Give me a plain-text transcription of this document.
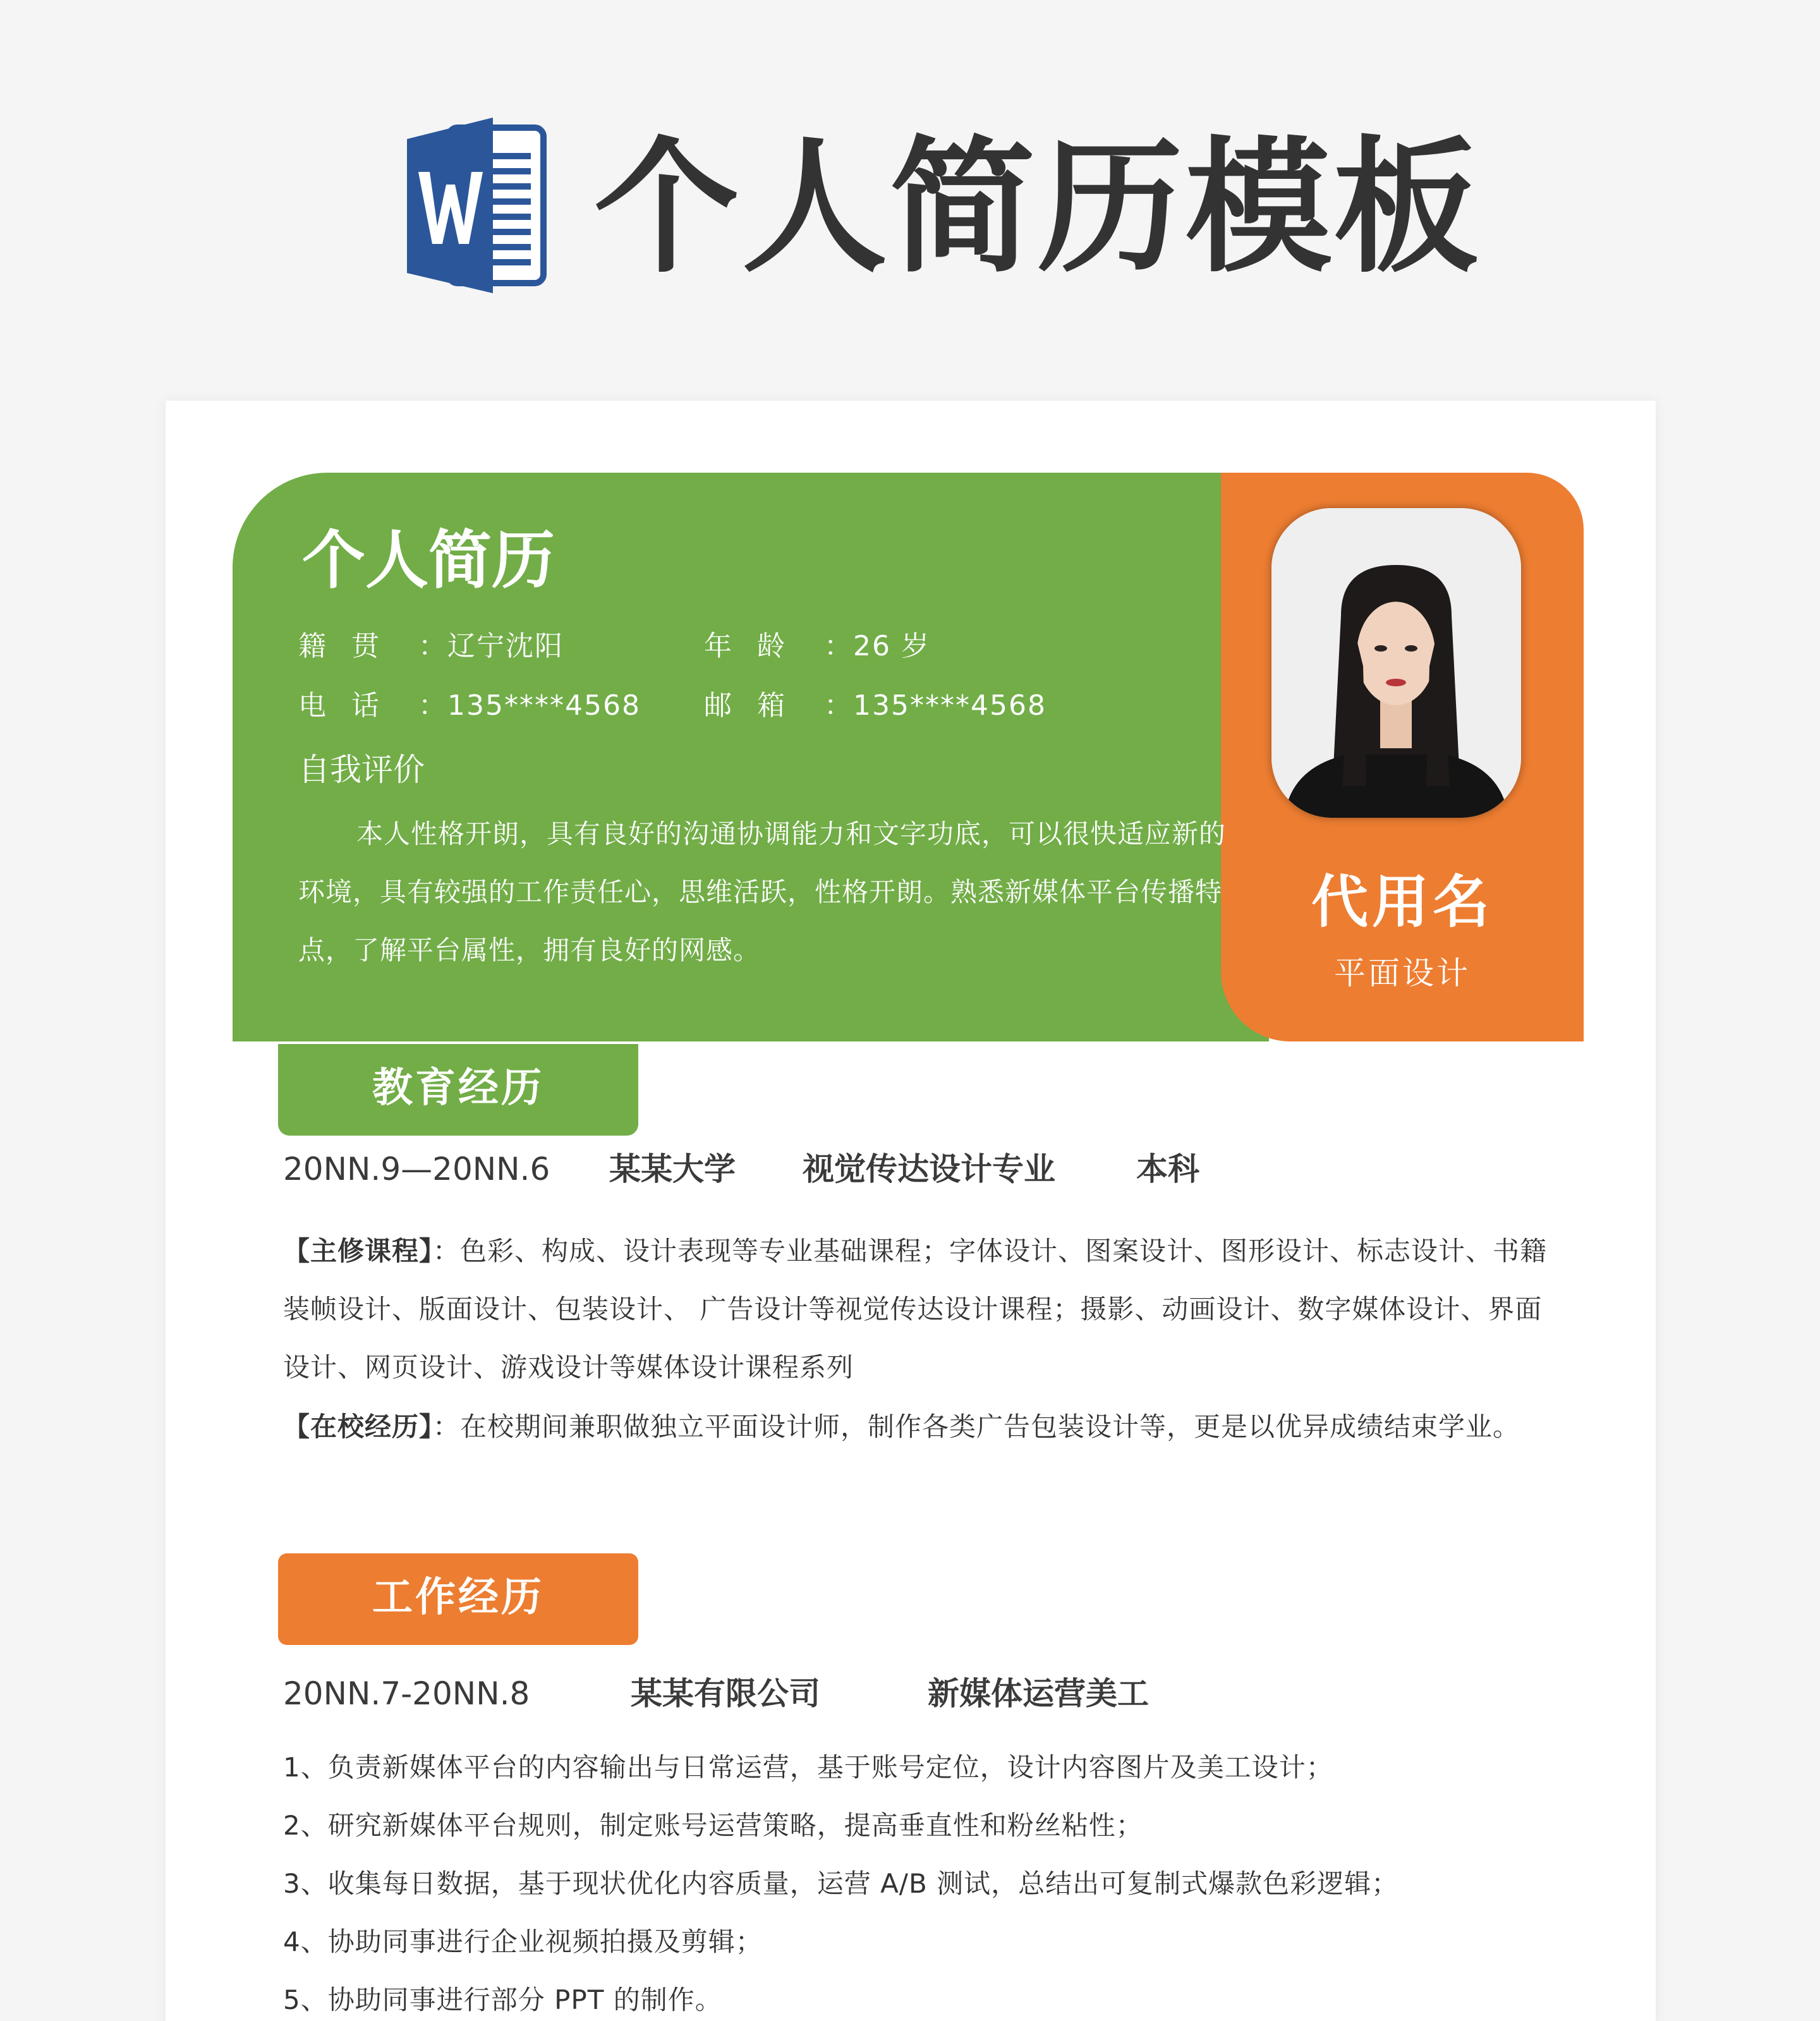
个人简历模板
个人简历
籍贯 ：辽宁沈阳	年龄 ：26 岁
电话 ：135****4568 邮箱 ：135****4568
自我评价
本人性格开朗，具有良好的沟通协调能力和文字功底，可以很快适应新的环境，具有较强的工作责任心，思维活跃，性格开朗。熟悉新媒体平台传播特点，了解平台属性，拥有良好的网感。
代用名
平面设计
教育经历
20NN.9—20NN.6 某某大学 视觉传达设计专业	本科
【主修课程】：色彩、构成、设计表现等专业基础课程；字体设计、图案设计、图形设计、标志设计、书籍装帧设计、版面设计、包装设计、 广告设计等视觉传达设计课程；摄影、动画设计、数字媒体设计、界面设计、网页设计、游戏设计等媒体设计课程系列
【在校经历】：在校期间兼职做独立平面设计师，制作各类广告包装设计等，更是以优异成绩结束学业。
工作经历
20NN.7-20NN.8	某某有限公司	新媒体运营美工
1、负责新媒体平台的内容输出与日常运营，基于账号定位，设计内容图片及美工设计；
2、研究新媒体平台规则，制定账号运营策略，提高垂直性和粉丝粘性；
3、收集每日数据，基于现状优化内容质量，运营 A/B 测试，总结出可复制式爆款色彩逻辑；
4、协助同事进行企业视频拍摄及剪辑；
5、协助同事进行部分 PPT 的制作。
